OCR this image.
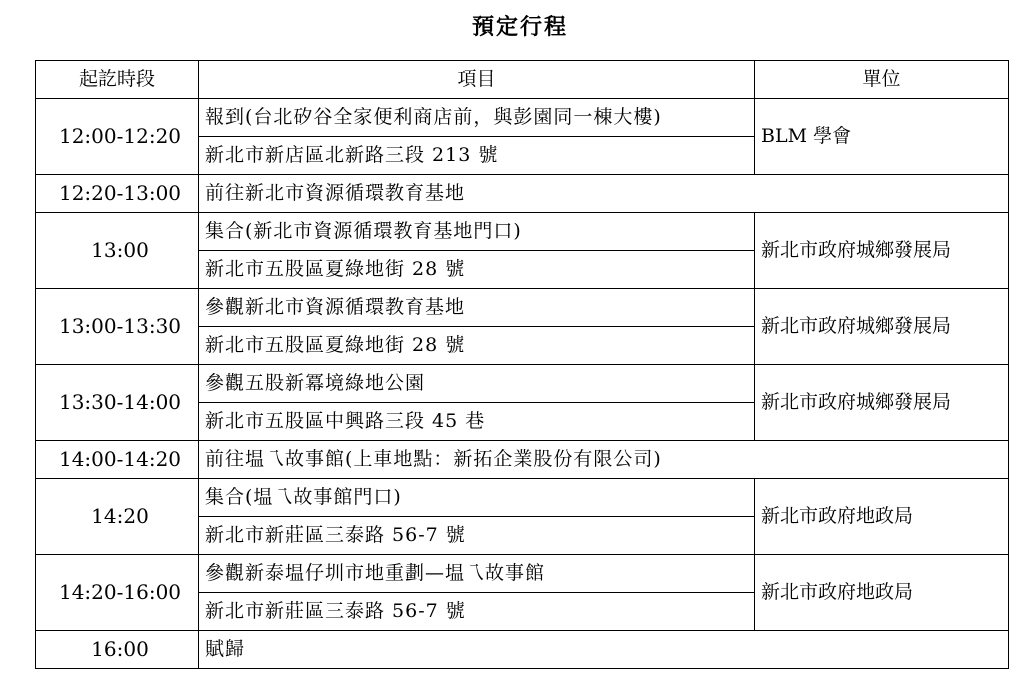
預定行程
起訖時段	項目	單位
12:00-12:20	報到(台北矽谷全家便利商店前，與彭園同一棟大樓)	BLM 學會
	新北市新店區北新路三段 213 號	
12:20-13:00	前往新北市資源循環教育基地	
13:00	集合(新北市資源循環教育基地門口)	新北市政府城鄉發展局
	新北市五股區夏綠地街 28 號	
13:00-13:30	參觀新北市資源循環教育基地	新北市政府城鄉發展局
	新北市五股區夏綠地街 28 號	
13:30-14:00	參觀五股新冪境綠地公園	新北市政府城鄉發展局
	新北市五股區中興路三段 45 巷	
14:00-14:20	前往塭乁故事館(上車地點：新拓企業股份有限公司)	
14:20	集合(塭乁故事館門口)	新北市政府地政局
	新北市新莊區三泰路 56-7 號	
14:20-16:00	參觀新泰塭仔圳市地重劃—塭乁故事館	新北市政府地政局
	新北市新莊區三泰路 56-7 號	
16:00	賦歸	
